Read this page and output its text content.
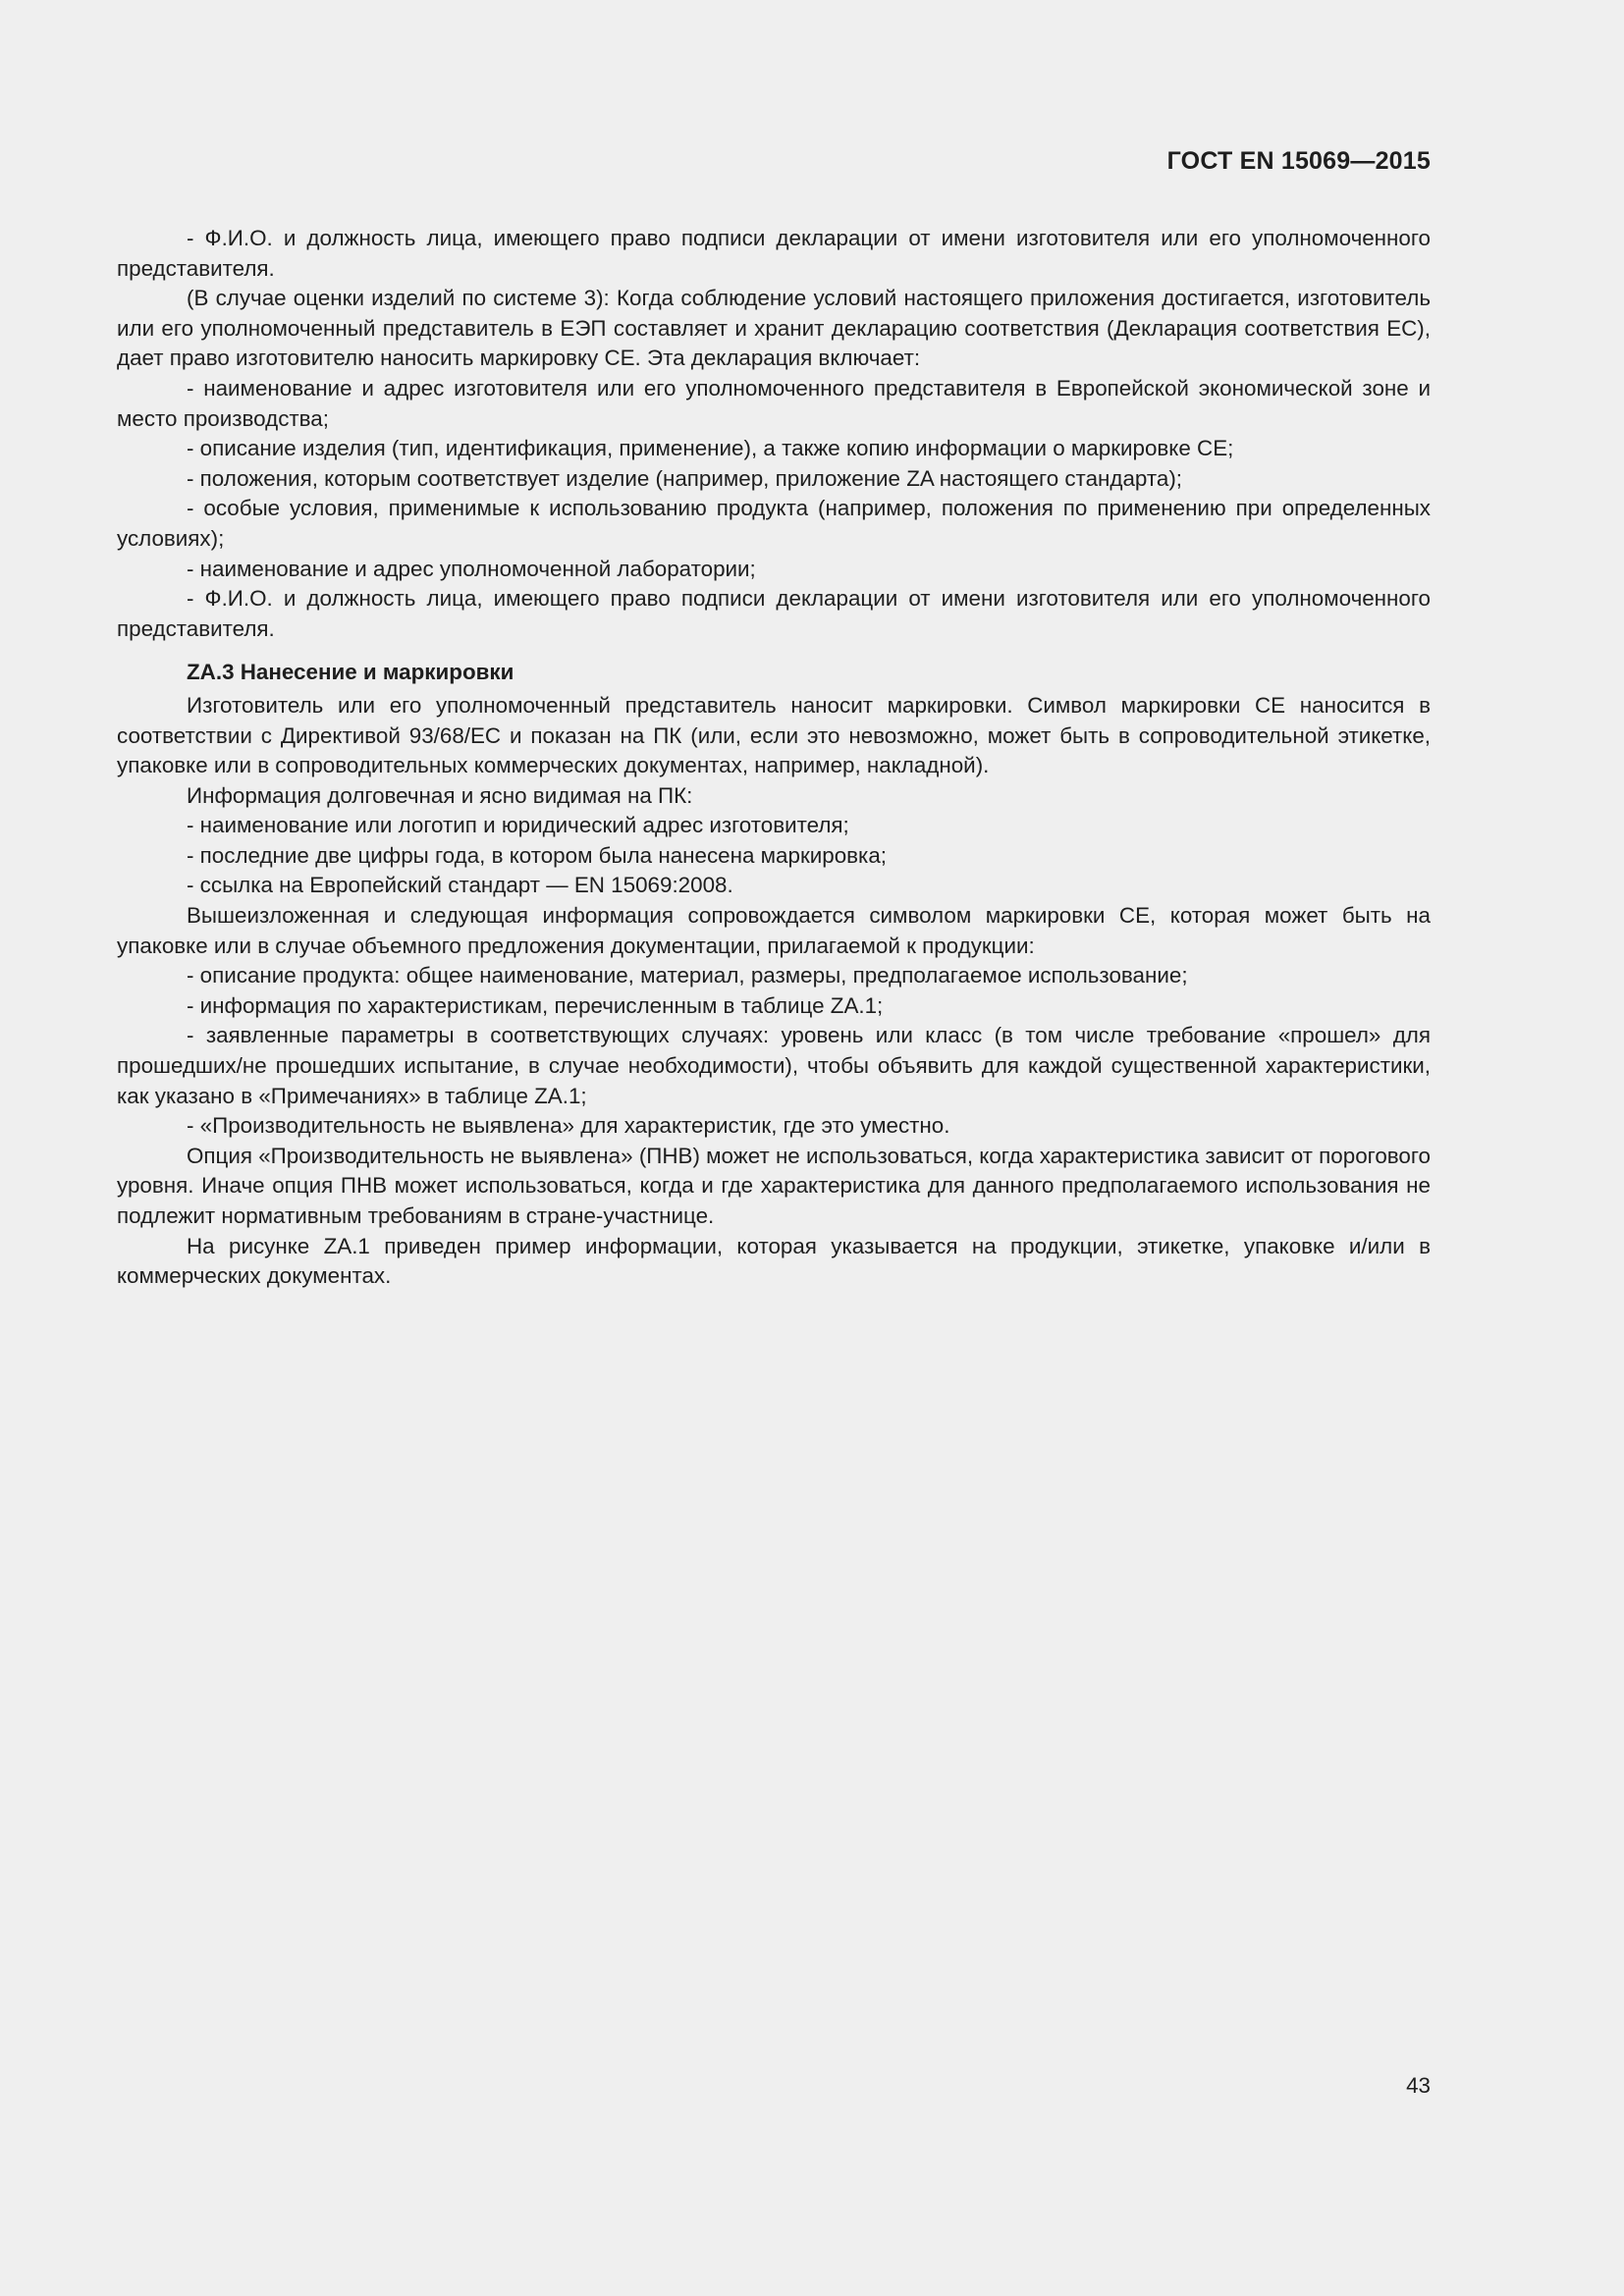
ГОСТ EN 15069—2015

- Ф.И.О. и должность лица, имеющего право подписи декларации от имени изготовителя или его уполномоченного представителя.

(В случае оценки изделий по системе 3): Когда соблюдение условий настоящего приложения достигается, изготовитель или его уполномоченный представитель в ЕЭП составляет и хранит декларацию соответствия (Декларация соответствия ЕС), дает право изготовителю наносить маркировку СЕ. Эта декларация включает:

- наименование и адрес изготовителя или его уполномоченного представителя в Европейской экономической зоне и место производства;

- описание изделия (тип, идентификация, применение), а также копию информации о маркировке СЕ;

- положения, которым соответствует изделие (например, приложение ZA настоящего стандарта);

- особые условия, применимые к использованию продукта (например, положения по применению при определенных условиях);

- наименование и адрес уполномоченной лаборатории;

- Ф.И.О. и должность лица, имеющего право подписи декларации от имени изготовителя или его уполномоченного представителя.

ZA.3 Нанесение и маркировки

Изготовитель или его уполномоченный представитель наносит маркировки. Символ маркировки СЕ наносится в соответствии с Директивой 93/68/ЕС и показан на ПК (или, если это невозможно, может быть в сопроводительной этикетке, упаковке или в сопроводительных коммерческих документах, например, накладной).

Информация долговечная и ясно видимая на ПК:

- наименование или логотип и юридический адрес изготовителя;

- последние две цифры года, в котором была нанесена маркировка;

- ссылка на Европейский стандарт — EN 15069:2008.

Вышеизложенная и следующая информация сопровождается символом маркировки СЕ, которая может быть на упаковке или в случае объемного предложения документации, прилагаемой к продукции:

- описание продукта: общее наименование, материал, размеры, предполагаемое использование;

- информация по характеристикам, перечисленным в таблице ZA.1;

- заявленные параметры в соответствующих случаях: уровень или класс (в том числе требование «прошел» для прошедших/не прошедших испытание, в случае необходимости), чтобы объявить для каждой существенной характеристики, как указано в «Примечаниях» в таблице ZA.1;

- «Производительность не выявлена» для характеристик, где это уместно.

Опция «Производительность не выявлена» (ПНВ) может не использоваться, когда характеристика зависит от порогового уровня. Иначе опция ПНВ может использоваться, когда и где характеристика для данного предполагаемого использования не подлежит нормативным требованиям в стране-участнице.

На рисунке ZA.1 приведен пример информации, которая указывается на продукции, этикетке, упаковке и/или в коммерческих документах.

43
